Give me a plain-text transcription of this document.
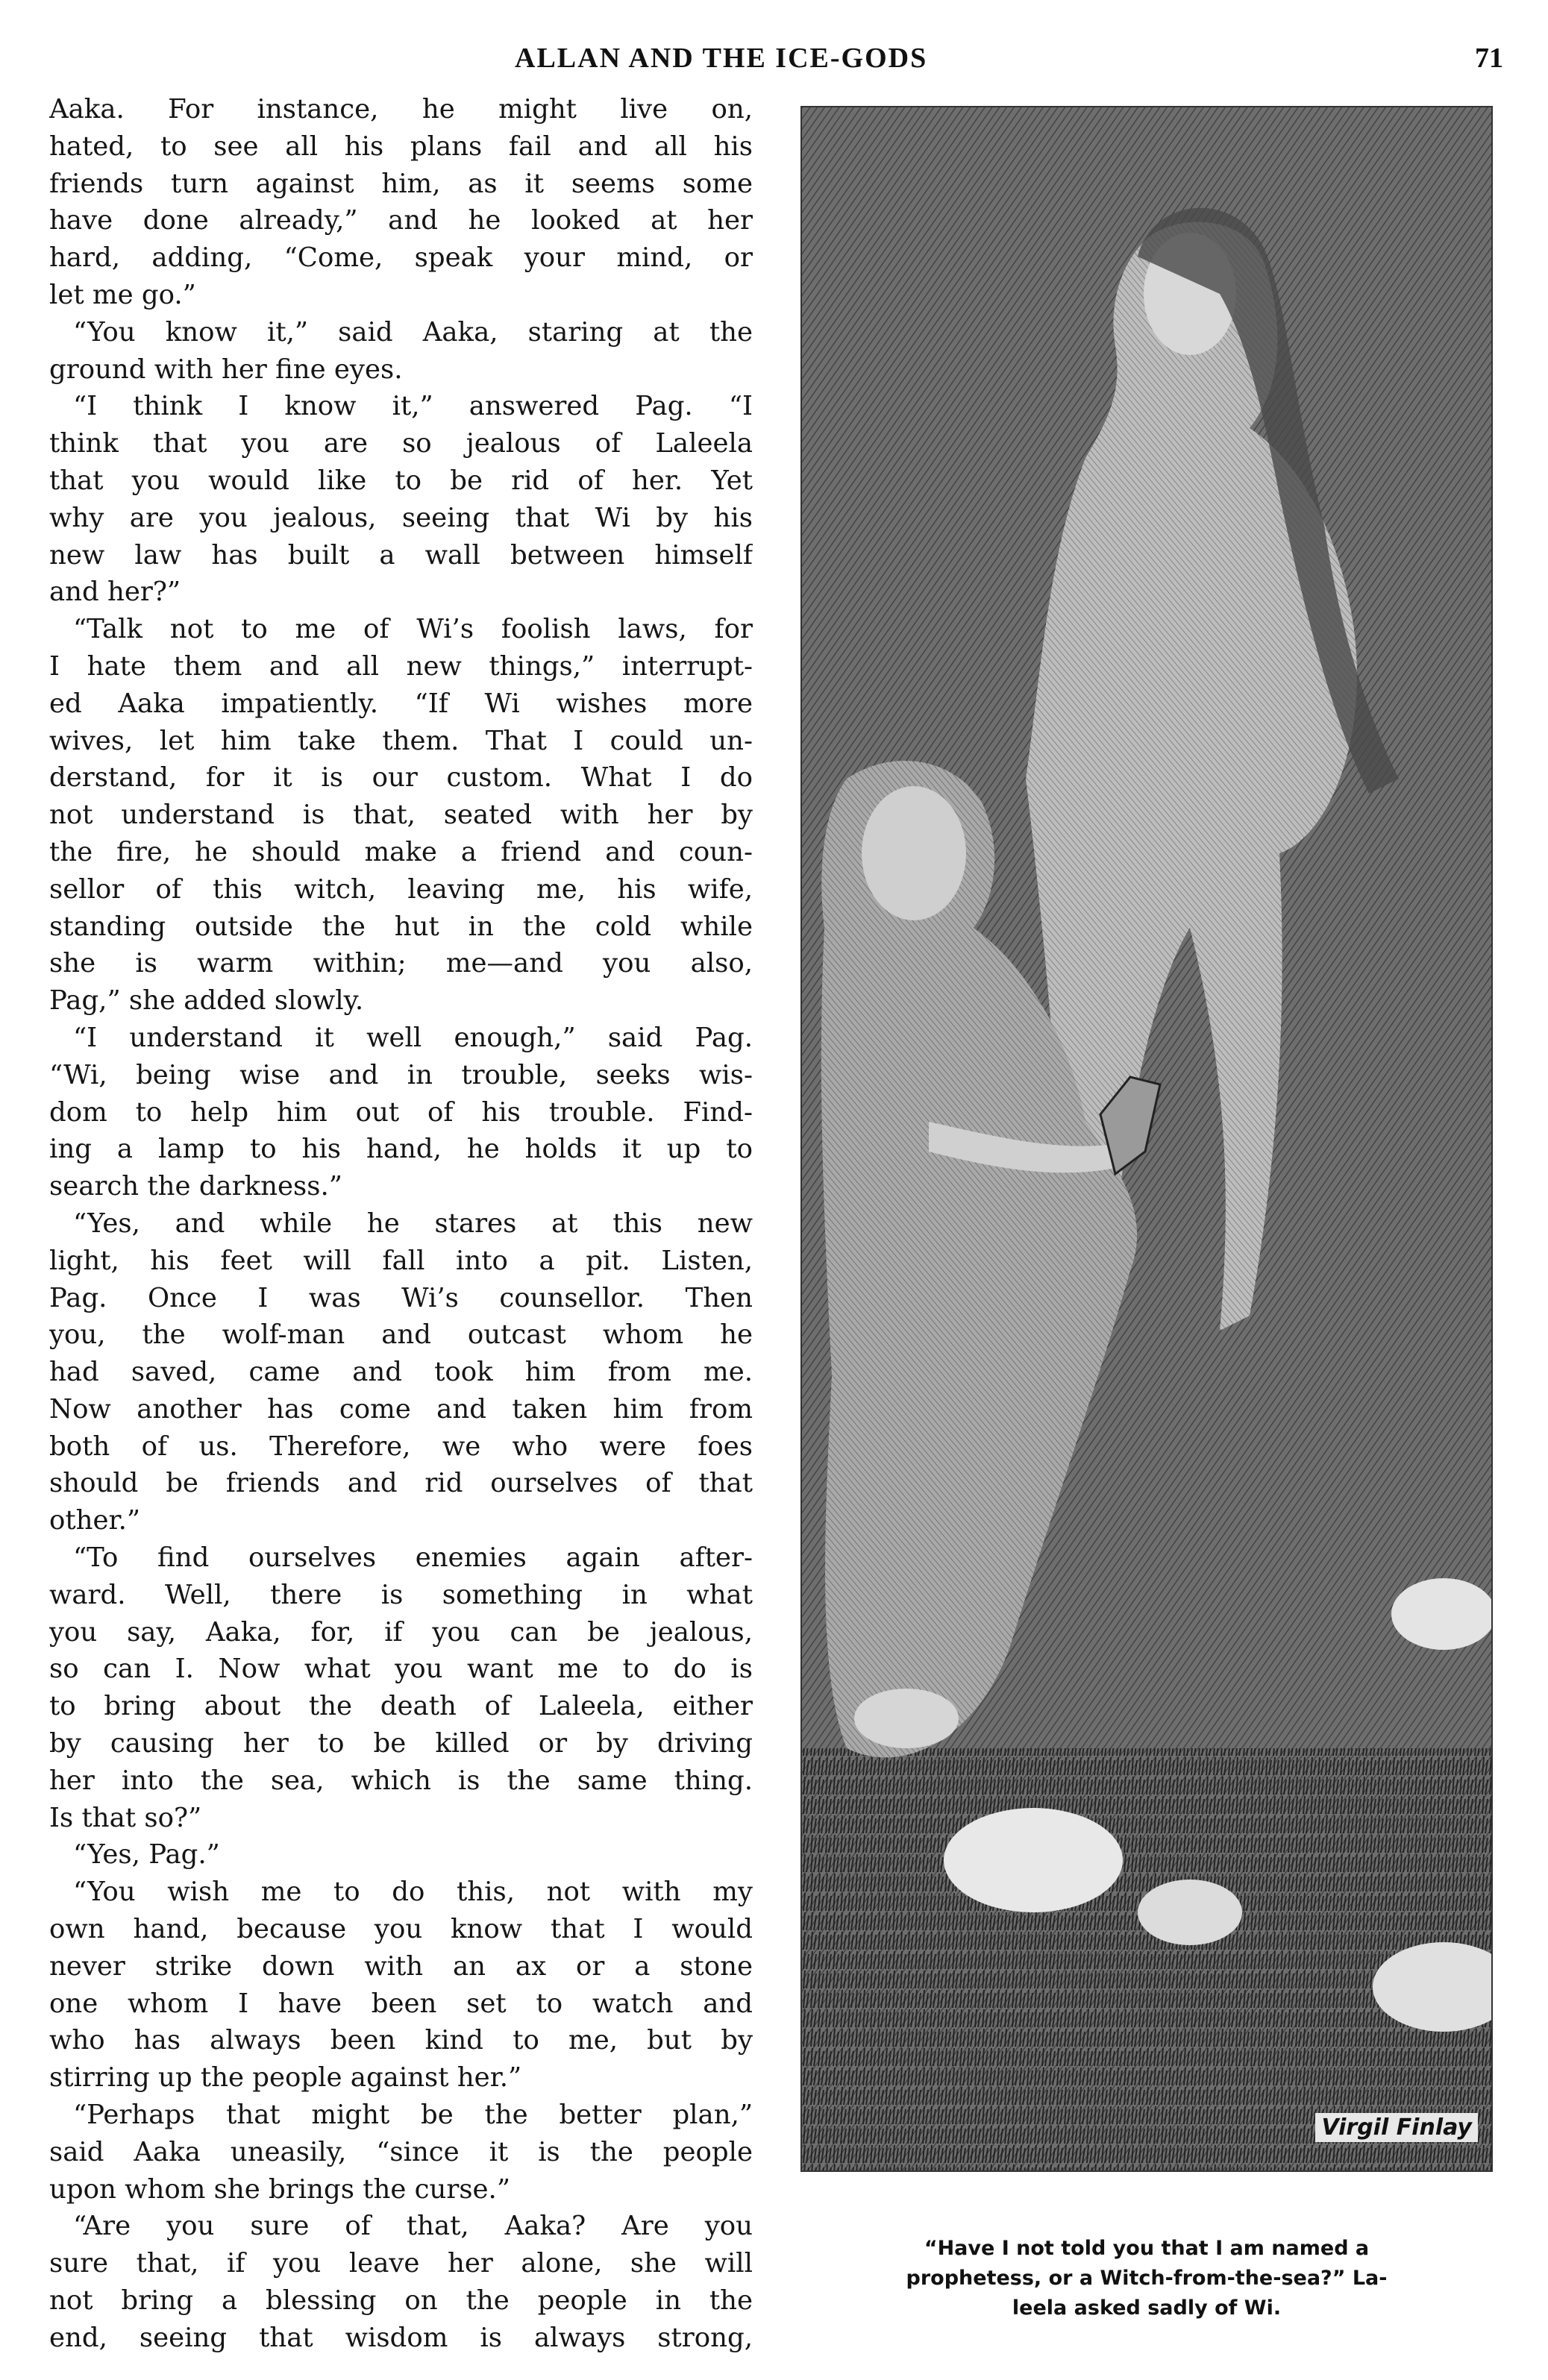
ALLAN AND THE ICE-GODS	71
Aaka. For instance, he might live on,
hated, to see all his plans fail and all his
friends turn against him, as it seems some
have done already,” and he looked at her
hard, adding, “Come, speak your mind, or
let me go.”
“You know it,” said Aaka, staring at the
ground with her fine eyes.
“I think I know it,” answered Pag. “I
think that you are so jealous of Laleela
that you would like to be rid of her. Yet
why are you jealous, seeing that Wi by his
new law has built a wall between himself
and her?”
“Talk not to me of Wi’s foolish laws, for
I hate them and all new things,” interrupt-
ed Aaka impatiently. “If Wi wishes more
wives, let him take them. That I could un-
derstand, for it is our custom. What I do
not understand is that, seated with her by
the fire, he should make a friend and coun-
sellor of this witch, leaving me, his wife,
standing outside the hut in the cold while
she is warm within; me—and you also,
Pag,” she added slowly.
“I understand it well enough,” said Pag.
“Wi, being wise and in trouble, seeks wis-
dom to help him out of his trouble. Find-
ing a lamp to his hand, he holds it up to
search the darkness.”
“Yes, and while he stares at this new
light, his feet will fall into a pit. Listen,
Pag. Once I was Wi’s counsellor. Then
you, the wolf-man and outcast whom he
had saved, came and took him from me.
Now another has come and taken him from
both of us. Therefore, we who were foes
should be friends and rid ourselves of that
other.”
“To find ourselves enemies again after-
ward. Well, there is something in what
you say, Aaka, for, if you can be jealous,
so can I. Now what you want me to do is
to bring about the death of Laleela, either
by causing her to be killed or by driving
her into the sea, which is the same thing.
Is that so?”
“Yes, Pag.”
“You wish me to do this, not with my
own hand, because you know that I would
never strike down with an ax or a stone
one whom I have been set to watch and
who has always been kind to me, but by
stirring up the people against her.”
“Perhaps that might be the better plan,”
said Aaka uneasily, “since it is the people
upon whom she brings the curse.”
“Are you sure of that, Aaka? Are you
sure that, if you leave her alone, she will
not bring a blessing on the people in the
end, seeing that wisdom is always strong,
Virgil Finlay
“Have I not told you that I am named a
prophetess, or a Witch-from-the-sea?” La-
leela asked sadly of Wi.
